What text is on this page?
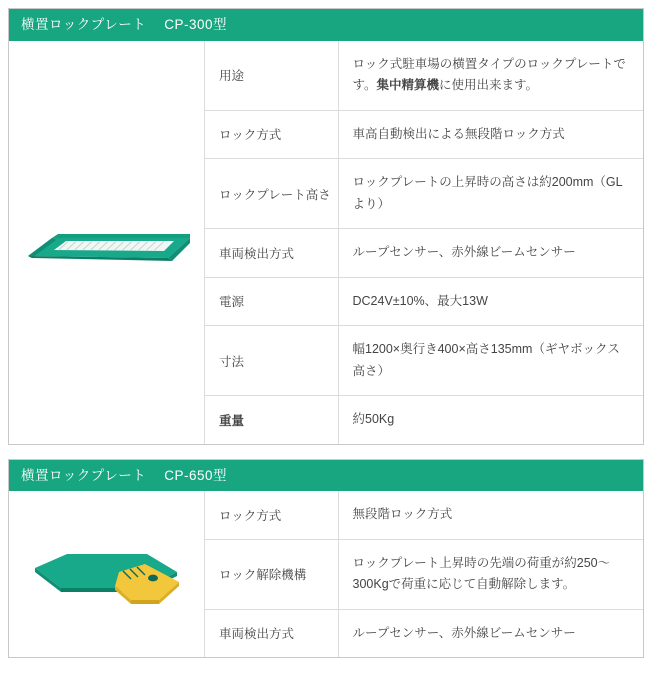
横置ロックプレート CP-300型
用途	ロック式駐車場の横置タイプのロックプレートです。集中精算機に使用出来ます。
ロック方式	車高自動検出による無段階ロック方式
ロックプレート高さ	ロックプレートの上昇時の高さは約200mm（GLより）
車両検出方式	ループセンサー、赤外線ビームセンサー
電源	DC24V±10%、最大13W
寸法	幅1200×奥行き400×高さ135mm（ギヤボックス高さ）
重量	約50Kg
横置ロックプレート CP-650型
ロック方式	無段階ロック方式
ロック解除機構	ロックプレート上昇時の先端の荷重が約250〜300Kgで荷重に応じて自動解除します。
車両検出方式	ループセンサー、赤外線ビームセンサー
